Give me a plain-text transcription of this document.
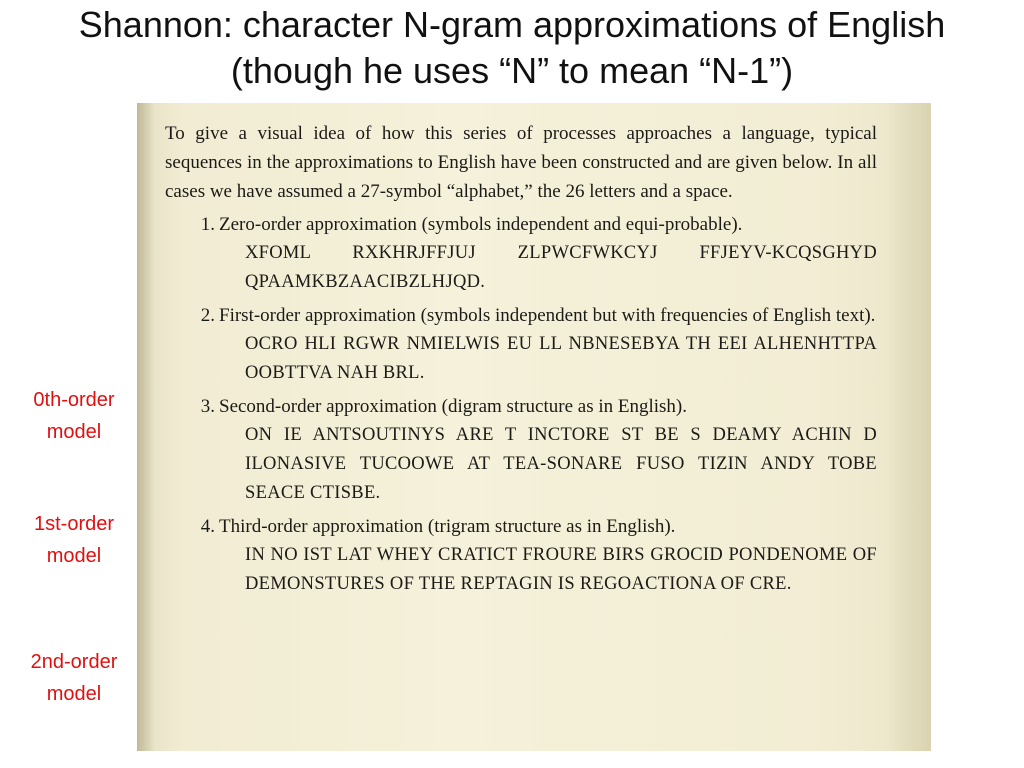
Shannon: character N-gram approximations of English
(though he uses “N” to mean “N-1”)
0th-order
model
1st-order
model
2nd-order
model

To give a visual idea of how this series of processes approaches a language, typical sequences in the approximations to English have been constructed and are given below. In all cases we have assumed a 27-symbol “alphabet,” the 26 letters and a space.

1. Zero-order approximation (symbols independent and equi-probable).
XFOML RXKHRJFFJUJ ZLPWCFWKCYJ FFJEYV-KCQSGHYD QPAAMKBZAACIBZLHJQD.
2. First-order approximation (symbols independent but with frequencies of English text).
OCRO HLI RGWR NMIELWIS EU LL NBNESEBYA TH EEI ALHENHTTPA OOBTTVA NAH BRL.
3. Second-order approximation (digram structure as in English).
ON IE ANTSOUTINYS ARE T INCTORE ST BE S DEAMY ACHIN D ILONASIVE TUCOOWE AT TEA-SONARE FUSO TIZIN ANDY TOBE SEACE CTISBE.
4. Third-order approximation (trigram structure as in English).
IN NO IST LAT WHEY CRATICT FROURE BIRS GROCID PONDENOME OF DEMONSTURES OF THE REPTAGIN IS REGOACTIONA OF CRE.
